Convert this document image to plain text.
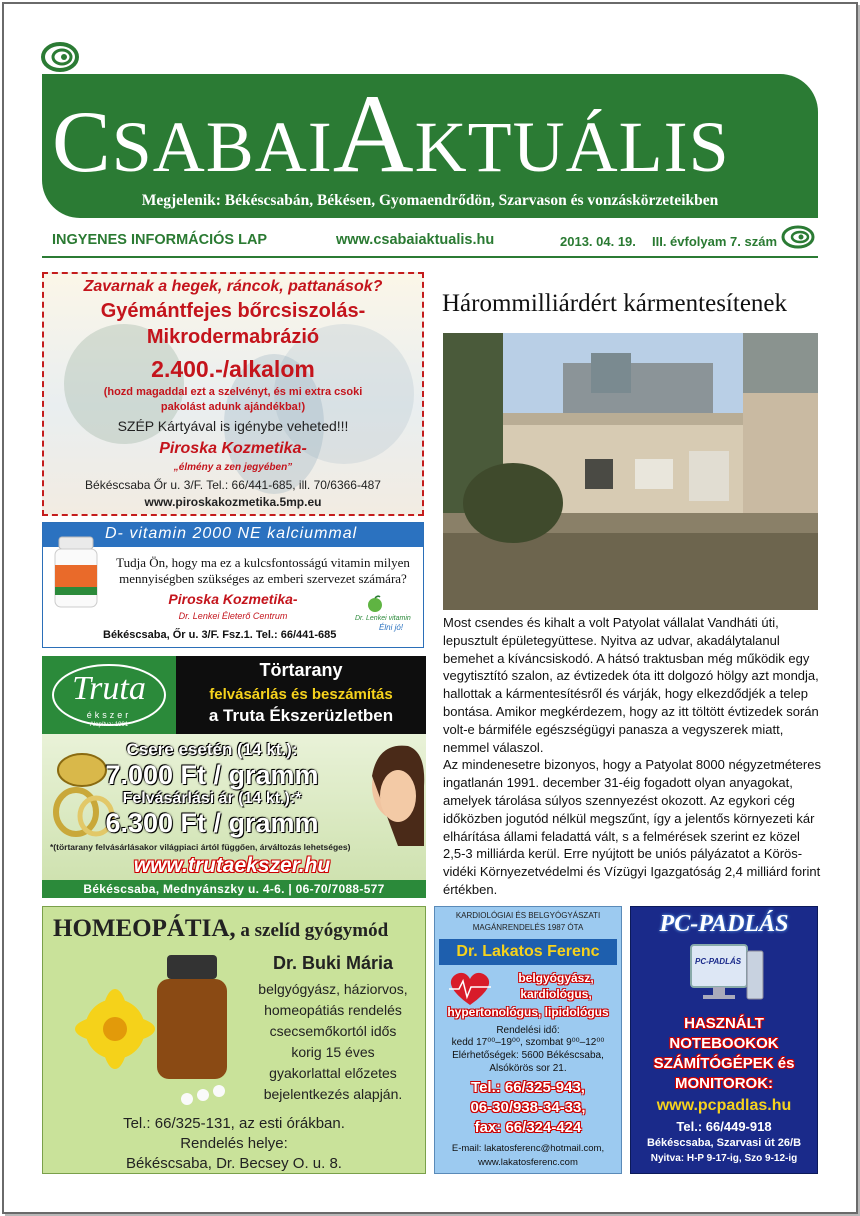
CSABAIAKTUÁLIS
Megjelenik: Békéscsabán, Békésen, Gyomaendrődön, Szarvason és vonzáskörzeteikben
INGYENES INFORMÁCIÓS LAP	www.csabaiaktualis.hu	2013. 04. 19. III. évfolyam 7. szám
Zavarnak a hegek, ráncok, pattanások?
Gyémántfejes bőrcsiszolás-
Mikrodermabrázió
2.400.-/alkalom
(hozd magaddal ezt a szelvényt, és mi extra csoki
pakolást adunk ajándékba!)
SZÉP Kártyával is igénybe veheted!!!
Piroska Kozmetika-
„élmény a zen jegyében”
Békéscsaba Őr u. 3/F. Tel.: 66/441-685, ill. 70/6366-487
www.piroskakozmetika.5mp.eu
D- vitamin 2000 NE kalciummal
Tudja Ön, hogy ma ez a kulcsfontosságú vitamin milyen
mennyiségben szükséges az emberi szervezet számára?
Piroska Kozmetika-
Dr. Lenkei Életerő Centrum	Dr. Lenkei vitamin
Élni jó!
Békéscsaba, Őr u. 3/F. Fsz.1. Tel.: 66/441-685
Truta
ékszer
Alapítva: 1991
Törtarany
felvásárlás és beszámítás
a Truta Ékszerüzletben
Csere esetén (14 kt.):
7.000 Ft / gramm
Felvásárlási ár (14 kt.):*
6.300 Ft / gramm
*(törtarany felvásárlásakor világpiaci ártól függően, árváltozás lehetséges)
www.trutaekszer.hu
Békéscsaba, Mednyánszky u. 4-6. | 06-70/7088-577
Hárommilliárdért kármentesítenek

Most csendes és kihalt a volt Patyolat vállalat Vandháti úti, lepusztult épületegyüttese. Nyitva az udvar, akadálytalanul bemehet a kíváncsiskodó. A hátsó traktusban még működik egy vegytisztító szalon, az évtizedek óta itt dolgozó hölgy azt mondja, hallottak a kármentesítésről és várják, hogy elkezdődjék a telep bontása. Amikor megkérdezem, hogy az itt töltött évtizedek során volt-e bármiféle egészségügyi panasza a vegyszerek miatt, nemmel válaszol.

Az mindenesetre bizonyos, hogy a Patyolat 8000 négyzetméteres ingatlanán 1991. december 31-éig fogadott olyan anyagokat, amelyek tárolása súlyos szennyezést okozott. Az egykori cég időközben jogutód nélkül megszűnt, így a jelentős környezeti kár elhárítása állami feladattá vált, s a felmérések szerint ez közel 2,5-3 milliárda kerül. Erre nyújtott be uniós pályázatot a Körös-vidéki Környezetvédelmi és Vízügyi Igazgatóság 2,4 milliárd forint értékben.

HOMEOPÁTIA, a szelíd gyógymód
Dr. Buki Mária
belgyógyász, háziorvos,
homeopátiás rendelés
csecsemőkortól idős
korig 15 éves
gyakorlattal előzetes
bejelentkezés alapján.
Tel.: 66/325-131, az esti órákban.
Rendelés helye:
Békéscsaba, Dr. Becsey O. u. 8.
KARDIOLÓGIAI ÉS BELGYÓGYÁSZATI
MAGÁNRENDELÉS 1987 ÓTA
Dr. Lakatos Ferenc
belgyógyász,
kardiológus,
hypertonológus, lipidológus
Rendelési idő:
kedd 17⁰⁰–19⁰⁰, szombat 9⁰⁰–12⁰⁰
Elérhetőségek: 5600 Békéscsaba,
Alsókörös sor 21.
Tel.: 66/325-943,
06-30/938-34-33,
fax: 66/324-424
E-mail: lakatosferenc@hotmail.com,
www.lakatosferenc.com
PC-PADLÁS
PC-PADLÁS
HASZNÁLT
NOTEBOOKOK
SZÁMÍTÓGÉPEK és
MONITOROK:
www.pcpadlas.hu
Tel.: 66/449-918
Békéscsaba, Szarvasi út 26/B
Nyitva: H-P 9-17-ig, Szo 9-12-ig
